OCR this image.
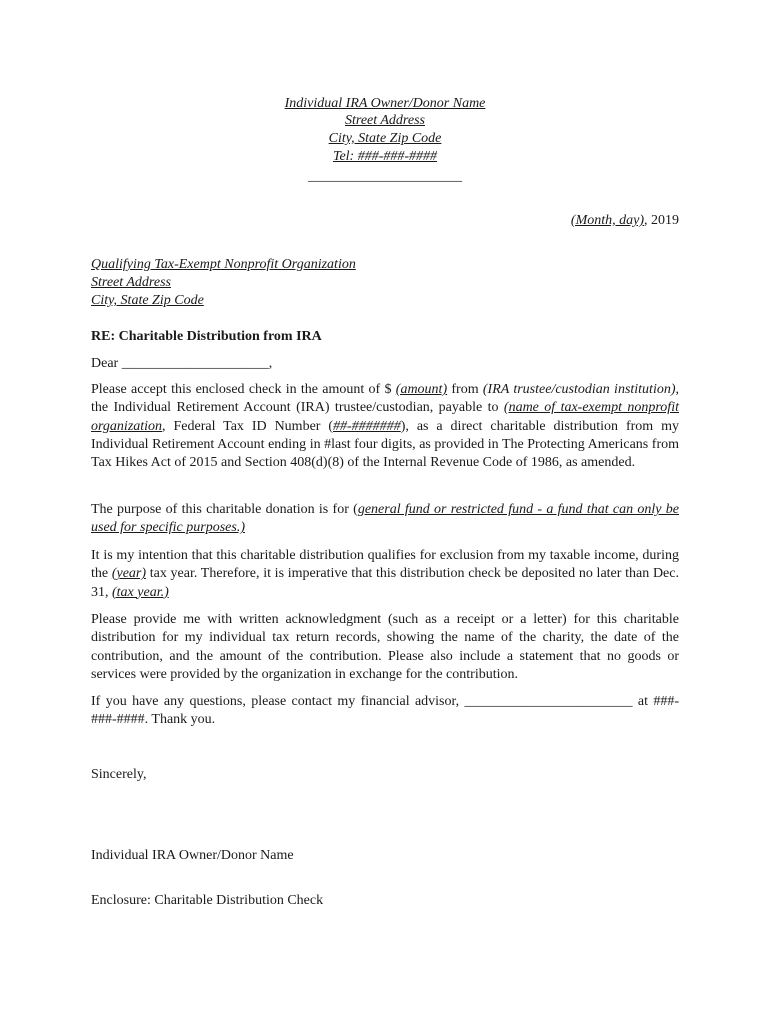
Individual IRA Owner/Donor Name
Street Address
City, State Zip Code
Tel: ###-###-####
______________________
(Month, day), 2019
Qualifying Tax-Exempt Nonprofit Organization
Street Address
City, State Zip Code
RE: Charitable Distribution from IRA
Dear _____________________,

Please accept this enclosed check in the amount of $ (amount) from (IRA trustee/custodian institution), the Individual Retirement Account (IRA) trustee/custodian, payable to (name of tax-exempt nonprofit organization, Federal Tax ID Number (##-#######), as a direct charitable distribution from my Individual Retirement Account ending in #last four digits, as provided in The Protecting Americans from Tax Hikes Act of 2015 and Section 408(d)(8) of the Internal Revenue Code of 1986, as amended.

The purpose of this charitable donation is for (general fund or restricted fund - a fund that can only be used for specific purposes.)

It is my intention that this charitable distribution qualifies for exclusion from my taxable income, during the (year) tax year. Therefore, it is imperative that this distribution check be deposited no later than Dec. 31, (tax year.)

Please provide me with written acknowledgment (such as a receipt or a letter) for this charitable distribution for my individual tax return records, showing the name of the charity, the date of the contribution, and the amount of the contribution. Please also include a statement that no goods or services were provided by the organization in exchange for the contribution.

If you have any questions, please contact my financial advisor, ________________________ at ###-###-####. Thank you.

Sincerely,
Individual IRA Owner/Donor Name
Enclosure: Charitable Distribution Check
